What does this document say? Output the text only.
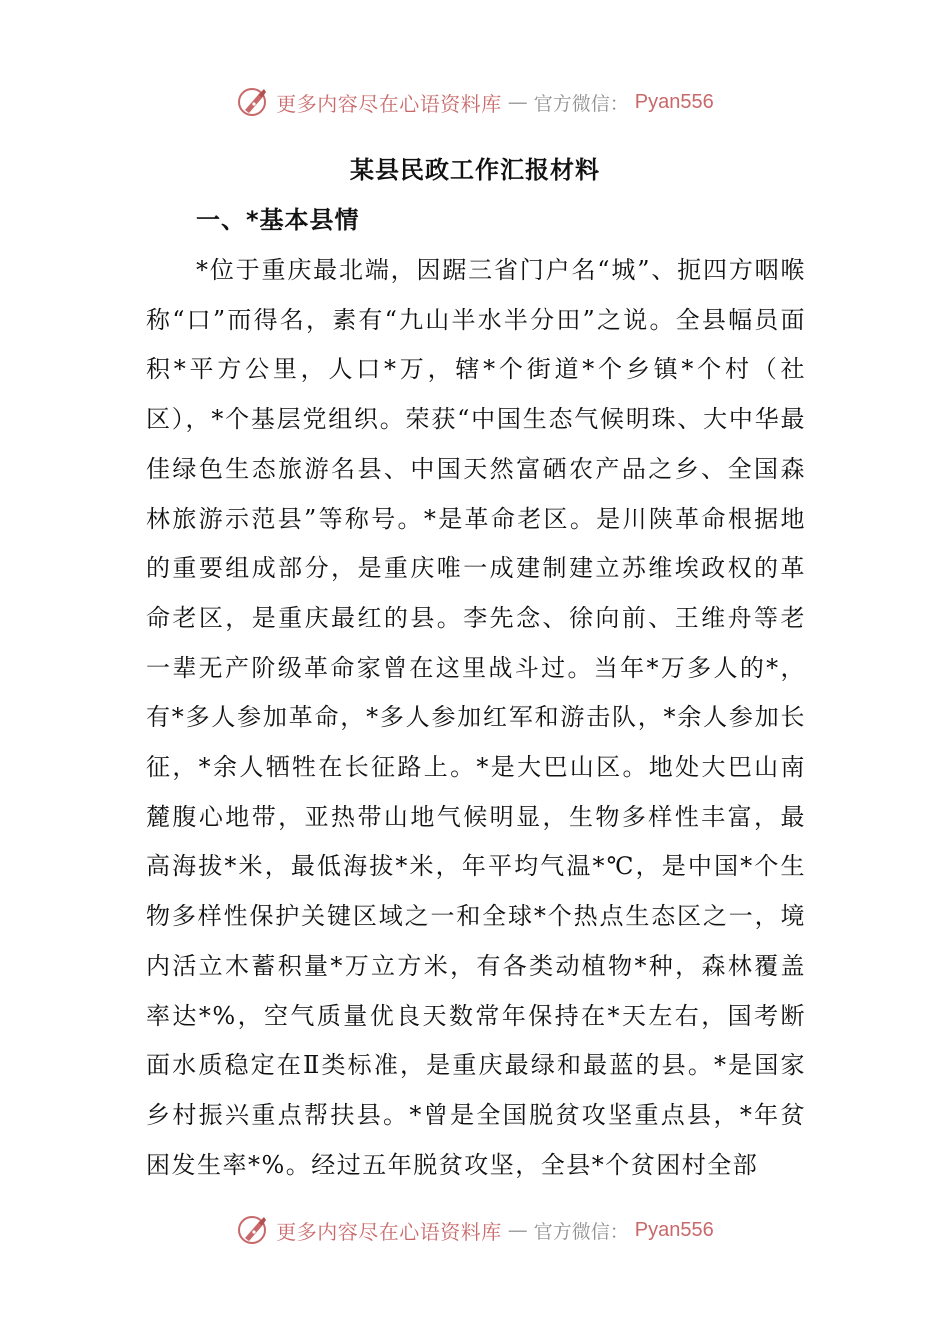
更多内容尽在心语资料库 — 官方微信： Pyan556
某县民政工作汇报材料
一、*基本县情

*位于重庆最北端，因踞三省门户名“城”、扼四方咽喉称“口”而得名，素有“九山半水半分田”之说。全县幅员面积*平方公里，人口*万，辖*个街道*个乡镇*个村（社区），*个基层党组织。荣获“中国生态气候明珠、大中华最佳绿色生态旅游名县、中国天然富硒农产品之乡、全国森林旅游示范县”等称号。*是革命老区。是川陕革命根据地的重要组成部分，是重庆唯一成建制建立苏维埃政权的革命老区，是重庆最红的县。李先念、徐向前、王维舟等老一辈无产阶级革命家曾在这里战斗过。当年*万多人的*，有*多人参加革命，*多人参加红军和游击队，*余人参加长征，*余人牺牲在长征路上。*是大巴山区。地处大巴山南麓腹心地带，亚热带山地气候明显，生物多样性丰富，最高海拔*米，最低海拔*米，年平均气温*℃，是中国*个生物多样性保护关键区域之一和全球*个热点生态区之一，境内活立木蓄积量*万立方米，有各类动植物*种，森林覆盖率达*%，空气质量优良天数常年保持在*天左右，国考断面水质稳定在Ⅱ类标准，是重庆最绿和最蓝的县。*是国家乡村振兴重点帮扶县。*曾是全国脱贫攻坚重点县，*年贫困发生率*%。经过五年脱贫攻坚，全县*个贫困村全部

更多内容尽在心语资料库 — 官方微信： Pyan556
